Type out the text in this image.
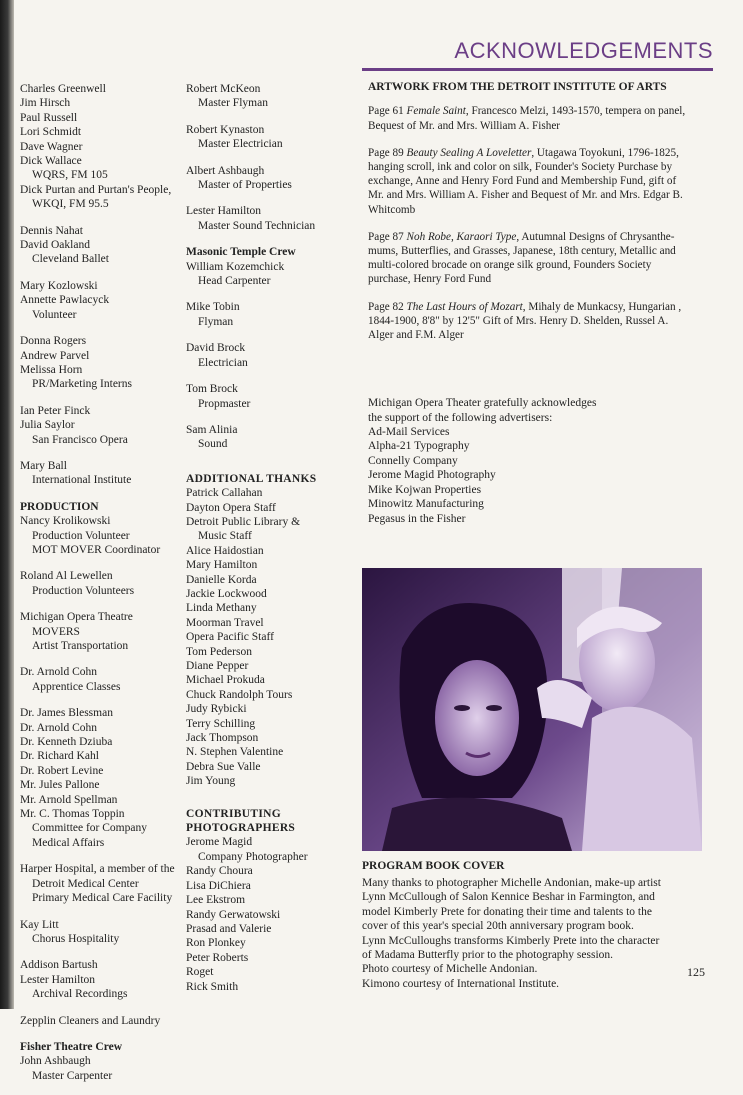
ACKNOWLEDGEMENTS
Charles Greenwell
Jim Hirsch
Paul Russell
Lori Schmidt
Dave Wagner
Dick Wallace
WQRS, FM 105
Dick Purtan and Purtan's People,
WKQI, FM 95.5
Dennis Nahat
David Oakland
Cleveland Ballet
Mary Kozlowski
Annette Pawlacyck
Volunteer
Donna Rogers
Andrew Parvel
Melissa Horn
PR/Marketing Interns
Ian Peter Finck
Julia Saylor
San Francisco Opera
Mary Ball
International Institute
PRODUCTION
Nancy Krolikowski
Production Volunteer
MOT MOVER Coordinator
Roland Al Lewellen
Production Volunteers
Michigan Opera Theatre
MOVERS
Artist Transportation
Dr. Arnold Cohn
Apprentice Classes
Dr. James Blessman
Dr. Arnold Cohn
Dr. Kenneth Dziuba
Dr. Richard Kahl
Dr. Robert Levine
Mr. Jules Pallone
Mr. Arnold Spellman
Mr. C. Thomas Toppin
Committee for Company
Medical Affairs
Harper Hospital, a member of the
Detroit Medical Center
Primary Medical Care Facility
Kay Litt
Chorus Hospitality
Addison Bartush
Lester Hamilton
Archival Recordings
Zepplin Cleaners and Laundry
Fisher Theatre Crew
John Ashbaugh
Master Carpenter
Robert McKeon
Master Flyman
Robert Kynaston
Master Electrician
Albert Ashbaugh
Master of Properties
Lester Hamilton
Master Sound Technician
Masonic Temple Crew
William Kozemchick
Head Carpenter
Mike Tobin
Flyman
David Brock
Electrician
Tom Brock
Propmaster
Sam Alinia
Sound
ADDITIONAL THANKS
Patrick Callahan
Dayton Opera Staff
Detroit Public Library &
Music Staff
Alice Haidostian
Mary Hamilton
Danielle Korda
Jackie Lockwood
Linda Methany
Moorman Travel
Opera Pacific Staff
Tom Pederson
Diane Pepper
Michael Prokuda
Chuck Randolph Tours
Judy Rybicki
Terry Schilling
Jack Thompson
N. Stephen Valentine
Debra Sue Valle
Jim Young
CONTRIBUTING
PHOTOGRAPHERS
Jerome Magid
Company Photographer
Randy Choura
Lisa DiChiera
Lee Ekstrom
Randy Gerwatowski
Prasad and Valerie
Ron Plonkey
Peter Roberts
Roget
Rick Smith
ARTWORK FROM THE DETROIT INSTITUTE OF ARTS
Page 61 Female Saint, Francesco Melzi, 1493-1570, tempera on panel,
Bequest of Mr. and Mrs. William A. Fisher
Page 89 Beauty Sealing A Loveletter, Utagawa Toyokuni, 1796-1825,
hanging scroll, ink and color on silk, Founder's Society Purchase by
exchange, Anne and Henry Ford Fund and Membership Fund, gift of
Mr. and Mrs. William A. Fisher and Bequest of Mr. and Mrs. Edgar B.
Whitcomb
Page 87 Noh Robe, Karaori Type, Autumnal Designs of Chrysanthe-
mums, Butterflies, and Grasses, Japanese, 18th century, Metallic and
multi-colored brocade on orange silk ground, Founders Society
purchase, Henry Ford Fund
Page 82 The Last Hours of Mozart, Mihaly de Munkacsy, Hungarian ,
1844-1900, 8'8" by 12'5" Gift of Mrs. Henry D. Shelden, Russel A.
Alger and F.M. Alger
Michigan Opera Theater gratefully acknowledges
the support of the following advertisers:
Ad-Mail Services
Alpha-21 Typography
Connelly Company
Jerome Magid Photography
Mike Kojwan Properties
Minowitz Manufacturing
Pegasus in the Fisher
PROGRAM BOOK COVER
Many thanks to photographer Michelle Andonian, make-up artist
Lynn McCullough of Salon Kennice Beshar in Farmington, and
model Kimberly Prete for donating their time and talents to the
cover of this year's special 20th anniversary program book.
Lynn McCulloughs transforms Kimberly Prete into the character
of Madama Butterfly prior to the photography session.
Photo courtesy of Michelle Andonian.
Kimono courtesy of International Institute.
125
